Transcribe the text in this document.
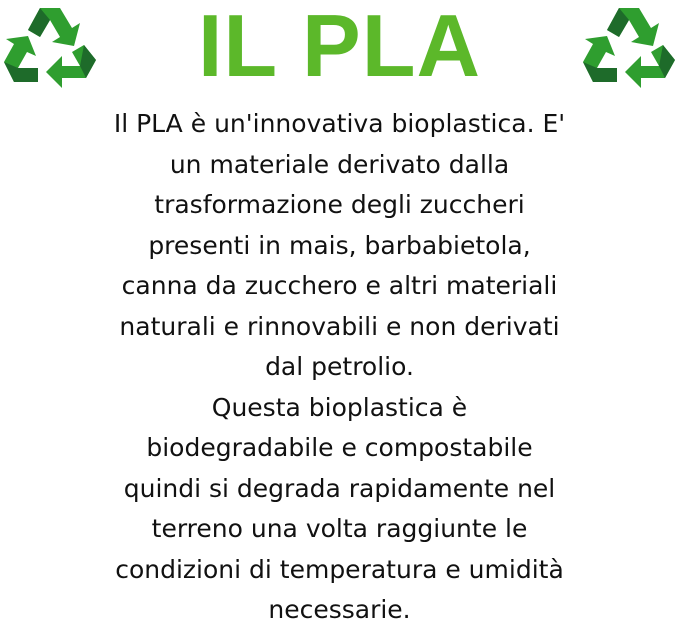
IL PLA
Il PLA è un'innovativa bioplastica. E'
un materiale derivato dalla
trasformazione degli zuccheri
presenti in mais, barbabietola,
canna da zucchero e altri materiali
naturali e rinnovabili e non derivati
dal petrolio.
Questa bioplastica è
biodegradabile e compostabile
quindi si degrada rapidamente nel
terreno una volta raggiunte le
condizioni di temperatura e umidità
necessarie.
